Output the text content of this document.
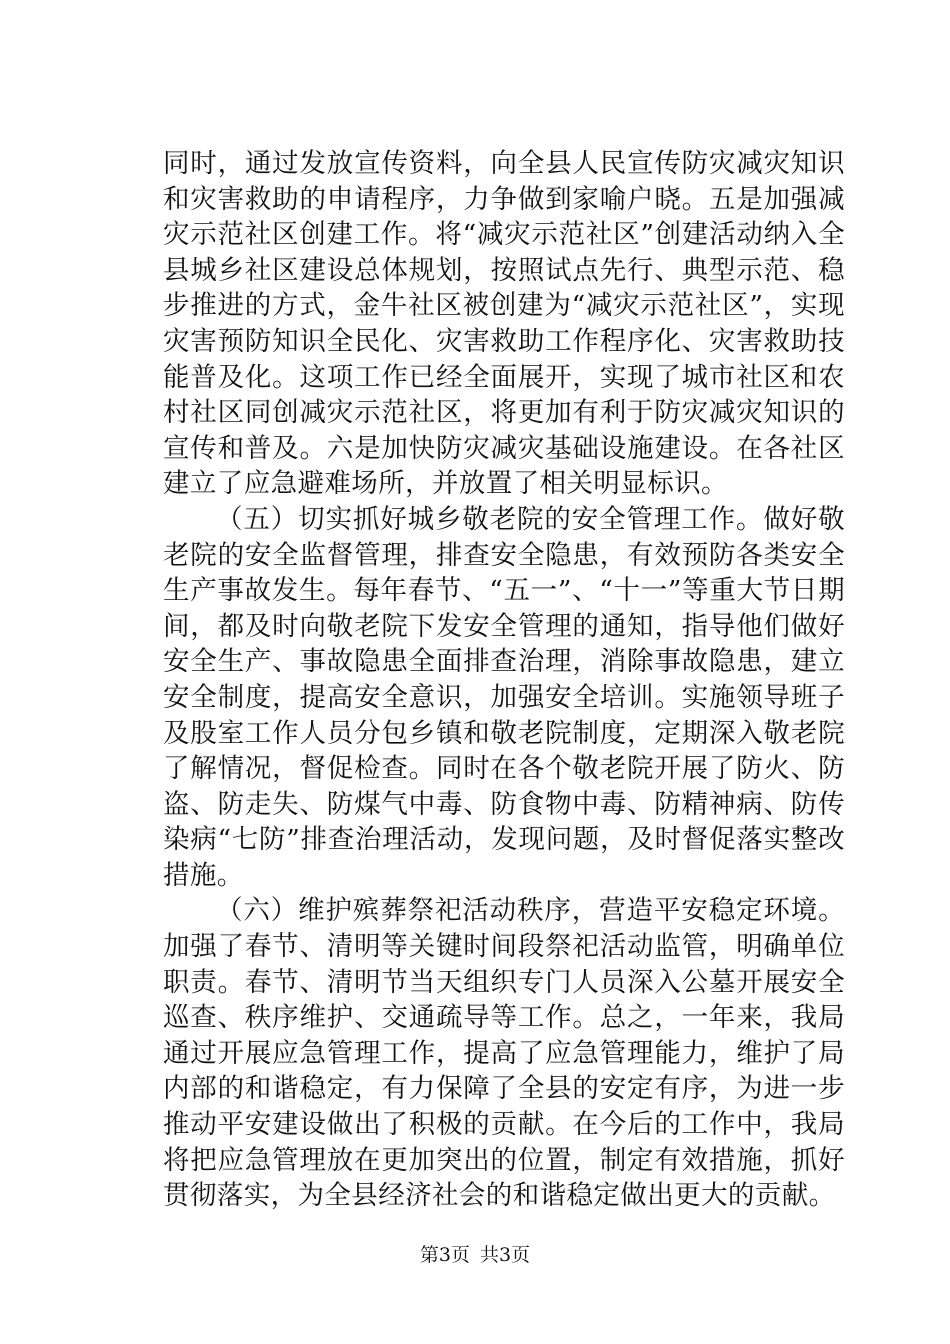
同时，通过发放宣传资料，向全县人民宣传防灾减灾知识和灾害救助的申请程序，力争做到家喻户晓。五是加强减灾示范社区创建工作。将“减灾示范社区”创建活动纳入全县城乡社区建设总体规划，按照试点先行、典型示范、稳步推进的方式，金牛社区被创建为“减灾示范社区”，实现灾害预防知识全民化、灾害救助工作程序化、灾害救助技能普及化。这项工作已经全面展开，实现了城市社区和农村社区同创减灾示范社区，将更加有利于防灾减灾知识的宣传和普及。六是加快防灾减灾基础设施建设。在各社区建立了应急避难场所，并放置了相关明显标识。

（五）切实抓好城乡敬老院的安全管理工作。做好敬老院的安全监督管理，排查安全隐患，有效预防各类安全生产事故发生。每年春节、“五一”、“十一”等重大节日期间，都及时向敬老院下发安全管理的通知，指导他们做好安全生产、事故隐患全面排查治理，消除事故隐患，建立安全制度，提高安全意识，加强安全培训。实施领导班子及股室工作人员分包乡镇和敬老院制度，定期深入敬老院了解情况，督促检查。同时在各个敬老院开展了防火、防盗、防走失、防煤气中毒、防食物中毒、防精神病、防传染病“七防”排查治理活动，发现问题，及时督促落实整改措施。

（六）维护殡葬祭祀活动秩序，营造平安稳定环境。加强了春节、清明等关键时间段祭祀活动监管，明确单位职责。春节、清明节当天组织专门人员深入公墓开展安全巡查、秩序维护、交通疏导等工作。总之，一年来，我局通过开展应急管理工作，提高了应急管理能力，维护了局内部的和谐稳定，有力保障了全县的安定有序，为进一步推动平安建设做出了积极的贡献。在今后的工作中，我局将把应急管理放在更加突出的位置，制定有效措施，抓好贯彻落实，为全县经济社会的和谐稳定做出更大的贡献。

第3页 共3页
